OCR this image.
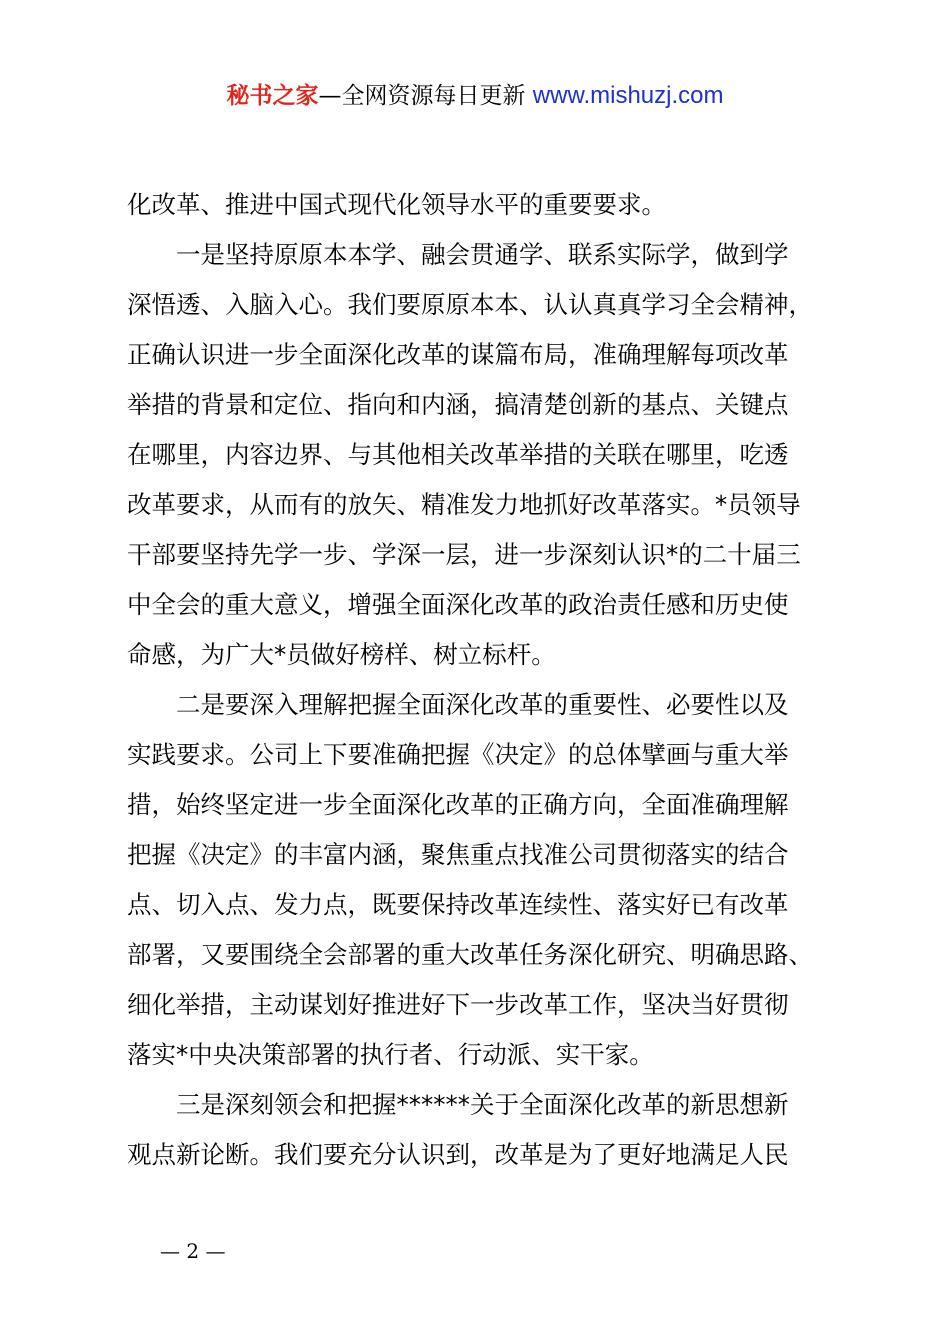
秘书之家—全网资源每日更新 www.mishuzj.com
化改革、推进中国式现代化领导水平的重要要求。
　　一是坚持原原本本学、融会贯通学、联系实际学，做到学
深悟透、入脑入心。我们要原原本本、认认真真学习全会精神，
正确认识进一步全面深化改革的谋篇布局，准确理解每项改革
举措的背景和定位、指向和内涵，搞清楚创新的基点、关键点
在哪里，内容边界、与其他相关改革举措的关联在哪里，吃透
改革要求，从而有的放矢、精准发力地抓好改革落实。*员领导
干部要坚持先学一步、学深一层，进一步深刻认识*的二十届三
中全会的重大意义，增强全面深化改革的政治责任感和历史使
命感，为广大*员做好榜样、树立标杆。
　　二是要深入理解把握全面深化改革的重要性、必要性以及
实践要求。公司上下要准确把握《决定》的总体擘画与重大举
措，始终坚定进一步全面深化改革的正确方向，全面准确理解
把握《决定》的丰富内涵，聚焦重点找准公司贯彻落实的结合
点、切入点、发力点，既要保持改革连续性、落实好已有改革
部署，又要围绕全会部署的重大改革任务深化研究、明确思路、
细化举措，主动谋划好推进好下一步改革工作，坚决当好贯彻
落实*中央决策部署的执行者、行动派、实干家。
　　三是深刻领会和把握******关于全面深化改革的新思想新
观点新论断。我们要充分认识到，改革是为了更好地满足人民
— 2 —
